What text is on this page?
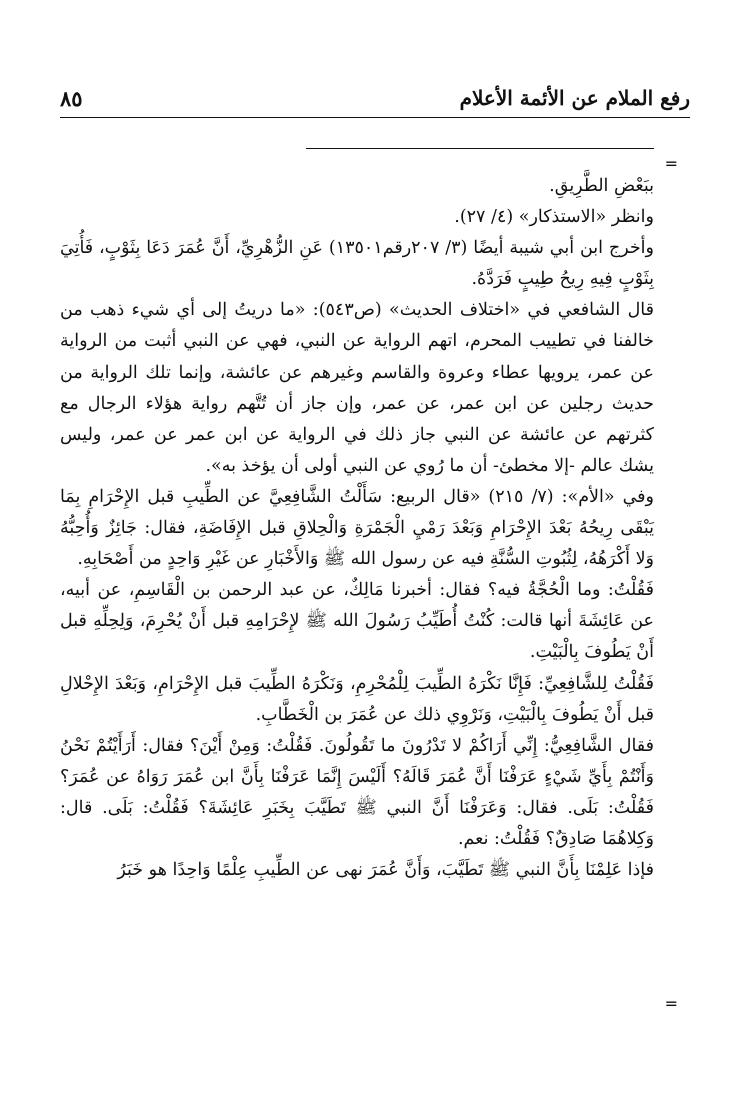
٨٥	رفع الملام عن الأئمة الأعلام
=

ببَعْضِ الطَّرِيقِ.

وانظر «الاستذكار» (٤/ ٢٧).

وأخرج ابن أبي شيبة أيضًا (٣/ ٢٠٧رقم١٣٥٠١) عَنِ الزُّهْرِيِّ، أَنَّ عُمَرَ دَعَا بِثَوْبٍ، فَأُتِيَ بِثَوْبٍ فِيهِ رِيحُ طِيبٍ فَرَدَّهُ.

قال الشافعي في «اختلاف الحديث» (ص٥٤٣): «ما دريتُ إلى أي شيء ذهب من خالفنا في تطييب المحرم، اتهم الرواية عن النبي، فهي عن النبي أثبت من الرواية عن عمر، يرويها عطاء وعروة والقاسم وغيرهم عن عائشة، وإنما تلك الرواية من حديث رجلين عن ابن عمر، عن عمر، وإن جاز أن تُتَّهم رواية هؤلاء الرجال مع كثرتهم عن عائشة عن النبي جاز ذلك في الرواية عن ابن عمر عن عمر، وليس يشك عالم -إلا مخطئ- أن ما رُوي عن النبي أولى أن يؤخذ به».

وفي «الأم»: (٧/ ٢١٥) «قال الربيع: سَأَلْتُ الشَّافِعِيَّ عن الطِّيبِ قبل الإِحْرَامِ بِمَا يَبْقَى رِيحُهُ بَعْدَ الإِحْرَامِ وَبَعْدَ رَمْيِ الْجَمْرَةِ وَالْحِلاقِ قبل الإِفَاضَةِ، فقال: جَائِزٌ وَأُحِبُّهُ وَلا أَكْرَهُهُ، لِثُبُوتِ السُّنَّةِ فيه عن رسول الله ﷺ وَالأَخْبَارِ عن غَيْرِ وَاحِدٍ من أَصْحَابِهِ.

فَقُلْتُ: وما الْحُجَّةُ فيه؟ فقال: أخبرنا مَالِكٌ، عن عبد الرحمن بن الْقَاسِمِ، عن أبيه، عن عَائِشَةَ أنها قالت: كُنْتُ أُطَيِّبُ رَسُولَ الله ﷺ لإِحْرَامِهِ قبل أَنْ يُحْرِمَ، وَلِحِلِّهِ قبل أَنْ يَطُوفَ بِالْبَيْتِ.

فَقُلْتُ لِلشَّافِعِيِّ: فَإِنَّا نَكْرَهُ الطِّيبَ لِلْمُحْرِمِ، وَنَكْرَهُ الطِّيبَ قبل الإِحْرَامِ، وَبَعْدَ الإِحْلالِ قبل أَنْ يَطُوفَ بِالْبَيْتِ، وَنَرْوِي ذلك عن عُمَرَ بن الْخَطَّابِ.

فقال الشَّافِعِيُّ: إِنِّي أَرَاكُمْ لا تَدْرُونَ ما تَقُولُونَ. فَقُلْتُ: وَمِنْ أَيْنَ؟ فقال: أَرَأَيْتُمْ نَحْنُ وَأَنْتُمْ بِأَيِّ شَيْءٍ عَرَفْنَا أَنَّ عُمَرَ قَالَهُ؟ أَلَيْسَ إِنَّمَا عَرَفْنَا بِأَنَّ ابن عُمَرَ رَوَاهُ عن عُمَرَ؟ فَقُلْتُ: بَلَى. فقال: وَعَرَفْنَا أَنَّ النبي ﷺ تَطَيَّبَ بِخَبَرِ عَائِشَةَ؟ فَقُلْتُ: بَلَى. قال: وَكِلاهُمَا صَادِقٌ؟ فَقُلْتُ: نعم.

فإذا عَلِمْنَا بِأَنَّ النبي ﷺ تَطَيَّبَ، وَأَنَّ عُمَرَ نهى عن الطِّيبِ عِلْمًا وَاحِدًا هو خَبَرُ

=
